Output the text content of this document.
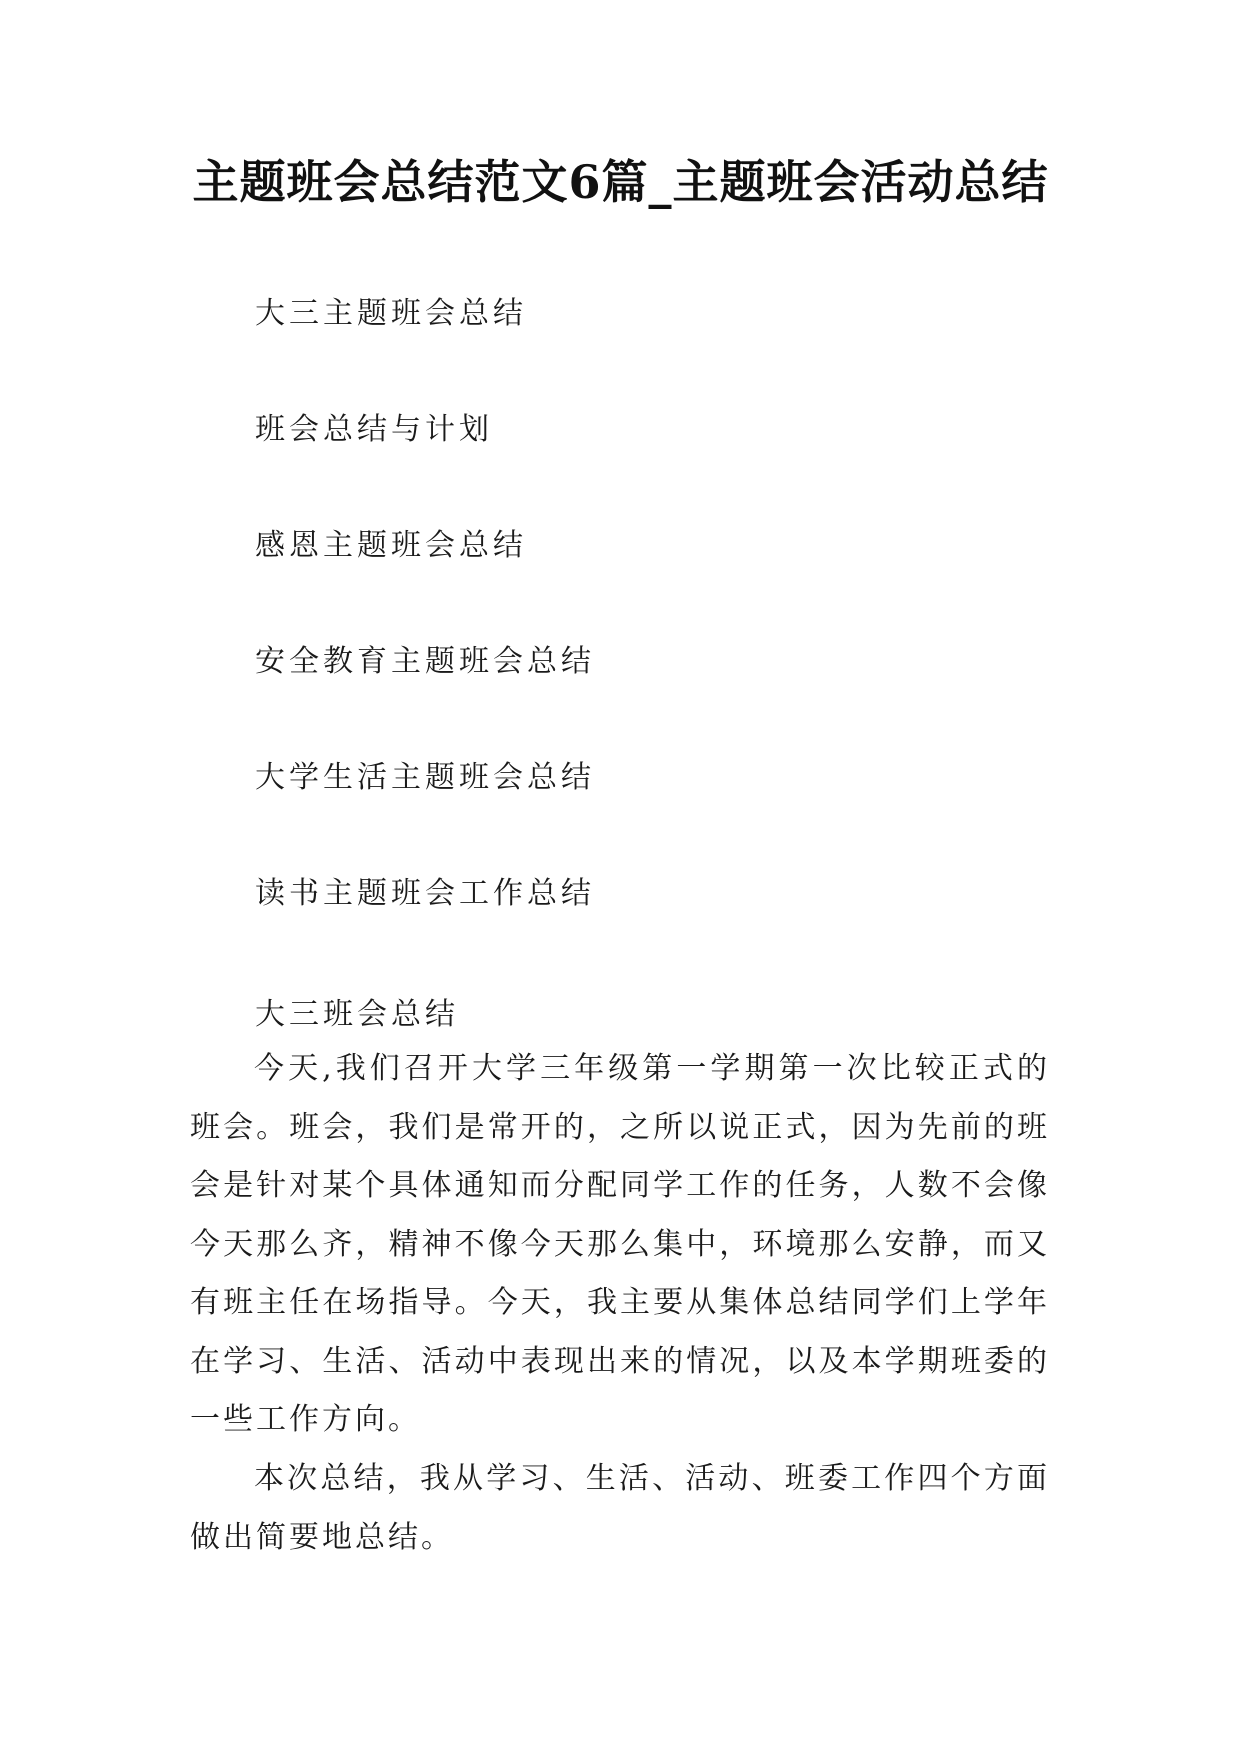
主题班会总结范文6篇_主题班会活动总结

大三主题班会总结

班会总结与计划

感恩主题班会总结

安全教育主题班会总结

大学生活主题班会总结

读书主题班会工作总结

大三班会总结

今天,我们召开大学三年级第一学期第一次比较正式的班会。班会，我们是常开的，之所以说正式，因为先前的班会是针对某个具体通知而分配同学工作的任务，人数不会像今天那么齐，精神不像今天那么集中，环境那么安静，而又有班主任在场指导。今天，我主要从集体总结同学们上学年在学习、生活、活动中表现出来的情况，以及本学期班委的一些工作方向。

本次总结，我从学习、生活、活动、班委工作四个方面做出简要地总结。
